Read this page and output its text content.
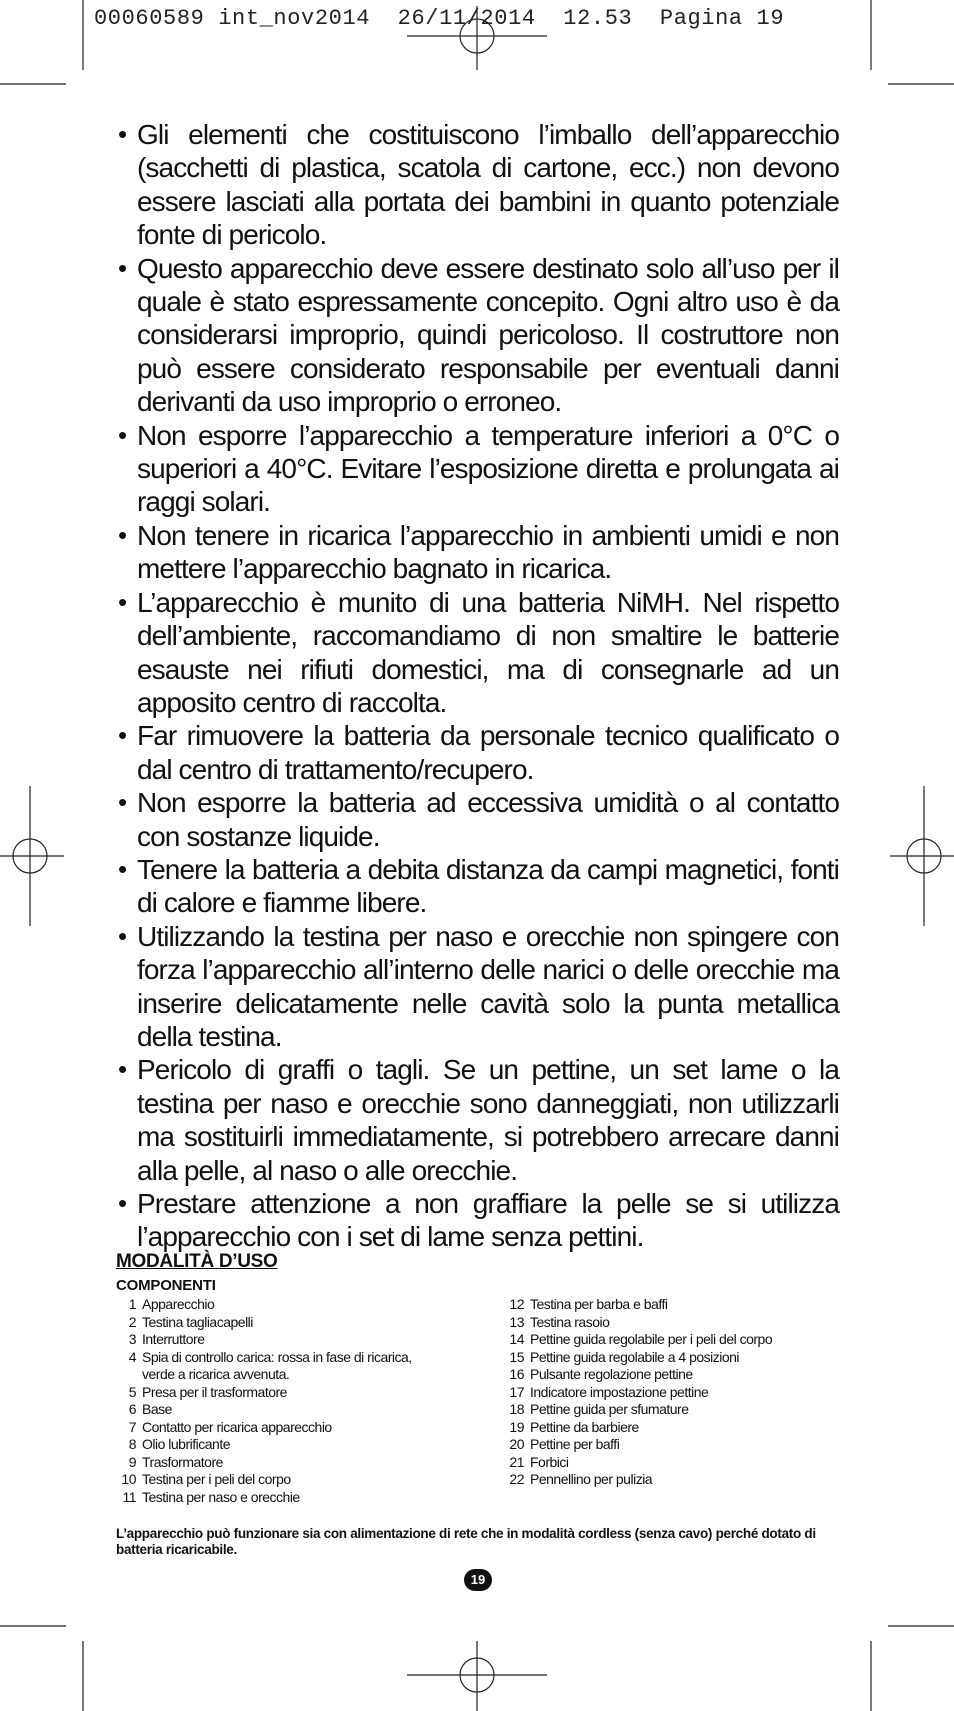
00060589 int_nov2014 26/11/2014 12.53 Pagina 19
• Gli elementi che costituiscono l’imballo dell’apparecchio (sacchetti di plastica, scatola di cartone, ecc.) non devono essere lasciati alla portata dei bambini in quanto potenziale fonte di pericolo.
• Questo apparecchio deve essere destinato solo all’uso per il quale è stato espressamente concepito. Ogni altro uso è da considerarsi improprio, quindi pericoloso. Il costruttore non può essere considerato responsabile per eventuali danni derivanti da uso improprio o erroneo.
• Non esporre l’apparecchio a temperature inferiori a 0°C o superiori a 40°C. Evitare l’esposizione diretta e prolungata ai raggi solari.
• Non tenere in ricarica l’apparecchio in ambienti umidi e non mettere l’apparecchio bagnato in ricarica.
• L’apparecchio è munito di una batteria NiMH. Nel rispetto dell’ambiente, raccomandiamo di non smaltire le batterie esauste nei rifiuti domestici, ma di consegnarle ad un apposito centro di raccolta.
• Far rimuovere la batteria da personale tecnico qualificato o dal centro di trattamento/recupero.
• Non esporre la batteria ad eccessiva umidità o al contatto con sostanze liquide.
• Tenere la batteria a debita distanza da campi magnetici, fonti di calore e fiamme libere.
• Utilizzando la testina per naso e orecchie non spingere con forza l’apparecchio all’interno delle narici o delle orecchie ma inserire delicatamente nelle cavità solo la punta metallica della testina.
• Pericolo di graffi o tagli. Se un pettine, un set lame o la testina per naso e orecchie sono danneggiati, non utilizzarli ma sostituirli immediatamente, si potrebbero arrecare danni alla pelle, al naso o alle orecchie.
• Prestare attenzione a non graffiare la pelle se si utilizza l’apparecchio con i set di lame senza pettini.
MODALITÀ D’USO
COMPONENTI
1 Apparecchio
2 Testina tagliacapelli
3 Interruttore
4 Spia di controllo carica: rossa in fase di ricarica,
verde a ricarica avvenuta.
5 Presa per il trasformatore
6 Base
7 Contatto per ricarica apparecchio
8 Olio lubrificante
9 Trasformatore
10 Testina per i peli del corpo
11 Testina per naso e orecchie
12 Testina per barba e baffi
13 Testina rasoio
14 Pettine guida regolabile per i peli del corpo
15 Pettine guida regolabile a 4 posizioni
16 Pulsante regolazione pettine
17 Indicatore impostazione pettine
18 Pettine guida per sfumature
19 Pettine da barbiere
20 Pettine per baffi
21 Forbici
22 Pennellino per pulizia
L’apparecchio può funzionare sia con alimentazione di rete che in modalità cordless (senza cavo) perché dotato di batteria ricaricabile.
19
